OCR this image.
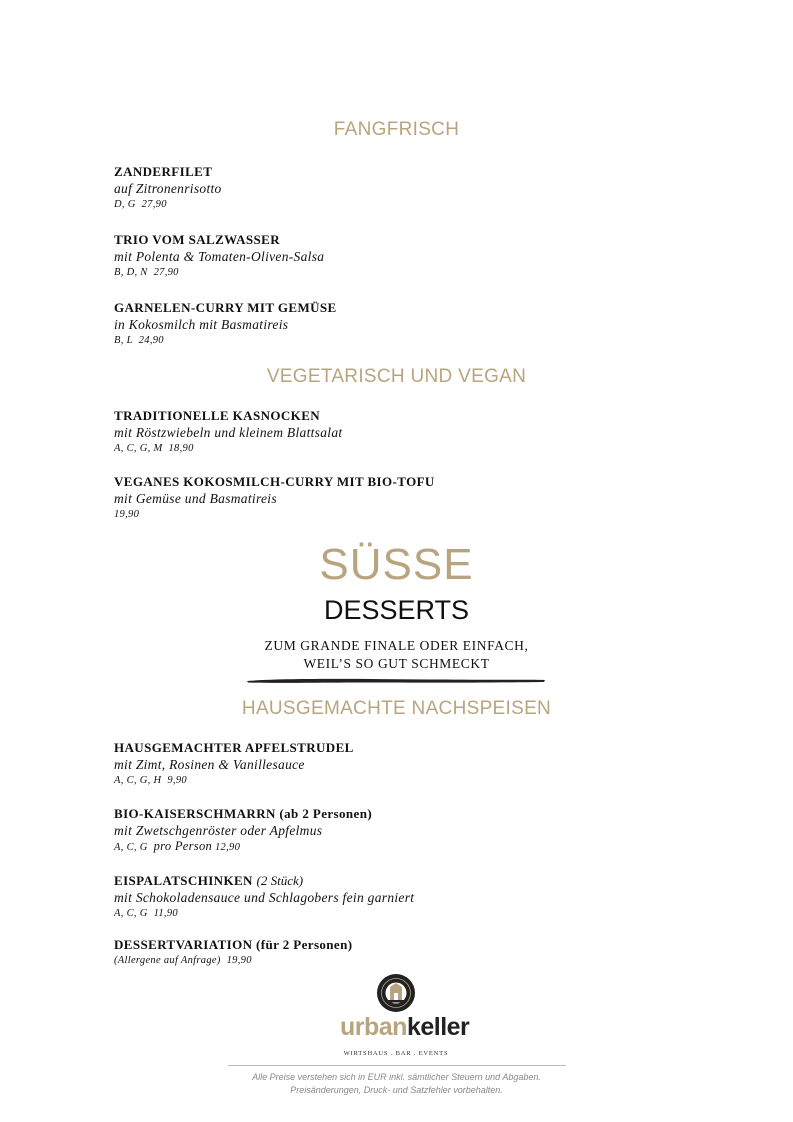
FANGFRISCH
ZANDERFILET
auf Zitronenrisotto
D, G 27,90
TRIO VOM SALZWASSER
mit Polenta & Tomaten-Oliven-Salsa
B, D, N 27,90
GARNELEN-CURRY MIT GEMÜSE
in Kokosmilch mit Basmatireis
B, L 24,90
VEGETARISCH UND VEGAN
TRADITIONELLE KASNOCKEN
mit Röstzwiebeln und kleinem Blattsalat
A, C, G, M 18,90
VEGANES KOKOSMILCH-CURRY MIT BIO-TOFU
mit Gemüse und Basmatireis
19,90
SÜSSE
DESSERTS
ZUM GRANDE FINALE ODER EINFACH,
WEIL’S SO GUT SCHMECKT
HAUSGEMACHTE NACHSPEISEN
HAUSGEMACHTER APFELSTRUDEL
mit Zimt, Rosinen & Vanillesauce
A, C, G, H 9,90
BIO-KAISERSCHMARRN (ab 2 Personen)
mit Zwetschgenröster oder Apfelmus
A, C, G pro Person 12,90
EISPALATSCHINKEN (2 Stück)
mit Schokoladensauce und Schlagobers fein garniert
A, C, G 11,90
DESSERTVARIATION (für 2 Personen)
(Allergene auf Anfrage) 19,90
urbankeller
WIRTSHAUS . BAR . EVENTS
Alle Preise verstehen sich in EUR inkl. sämtlicher Steuern und Abgaben.
Preisänderungen, Druck- und Satzfehler vorbehalten.
